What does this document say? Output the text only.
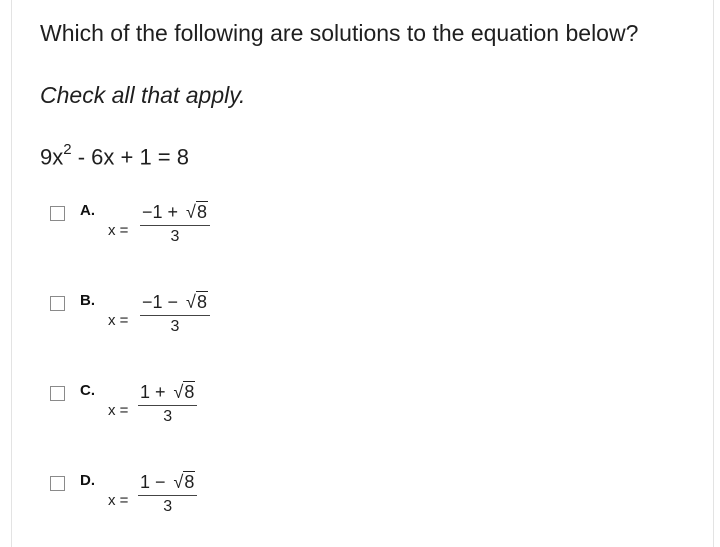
Which of the following are solutions to the equation below?
Check all that apply.
$9x^2 - 6x + 1 = 8$
A.
$x = \frac{-1 + √8}{3}$
B.
$x = \frac{-1 - √8}{3}$
C.
$x = \frac{1 + √8}{3}$
D.
$x = \frac{1 - √8}{3}$
